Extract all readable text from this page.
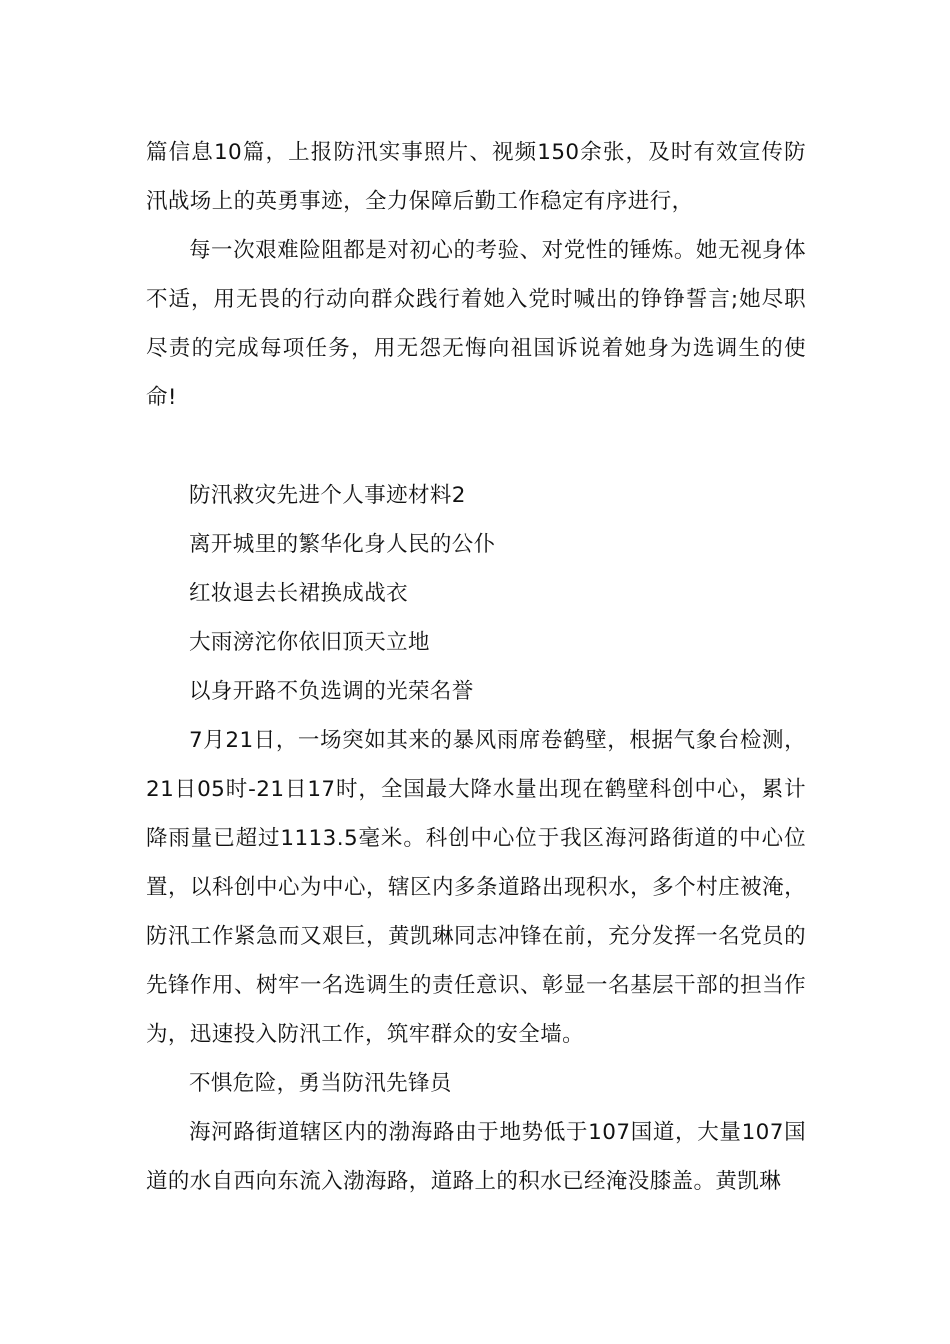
篇信息10篇，上报防汛实事照片、视频150余张，及时有效宣传防汛战场上的英勇事迹，全力保障后勤工作稳定有序进行，

每一次艰难险阻都是对初心的考验、对党性的锤炼。她无视身体不适，用无畏的行动向群众践行着她入党时喊出的铮铮誓言;她尽职尽责的完成每项任务，用无怨无悔向祖国诉说着她身为选调生的使命!

防汛救灾先进个人事迹材料2

离开城里的繁华化身人民的公仆

红妆退去长裙换成战衣

大雨滂沱你依旧顶天立地

以身开路不负选调的光荣名誉

7月21日，一场突如其来的暴风雨席卷鹤壁，根据气象台检测，21日05时-21日17时，全国最大降水量出现在鹤壁科创中心，累计降雨量已超过1113.5毫米。科创中心位于我区海河路街道的中心位置，以科创中心为中心，辖区内多条道路出现积水，多个村庄被淹，防汛工作紧急而又艰巨，黄凯琳同志冲锋在前，充分发挥一名党员的先锋作用、树牢一名选调生的责任意识、彰显一名基层干部的担当作为，迅速投入防汛工作，筑牢群众的安全墙。

不惧危险，勇当防汛先锋员

海河路街道辖区内的渤海路由于地势低于107国道，大量107国道的水自西向东流入渤海路，道路上的积水已经淹没膝盖。黄凯琳
